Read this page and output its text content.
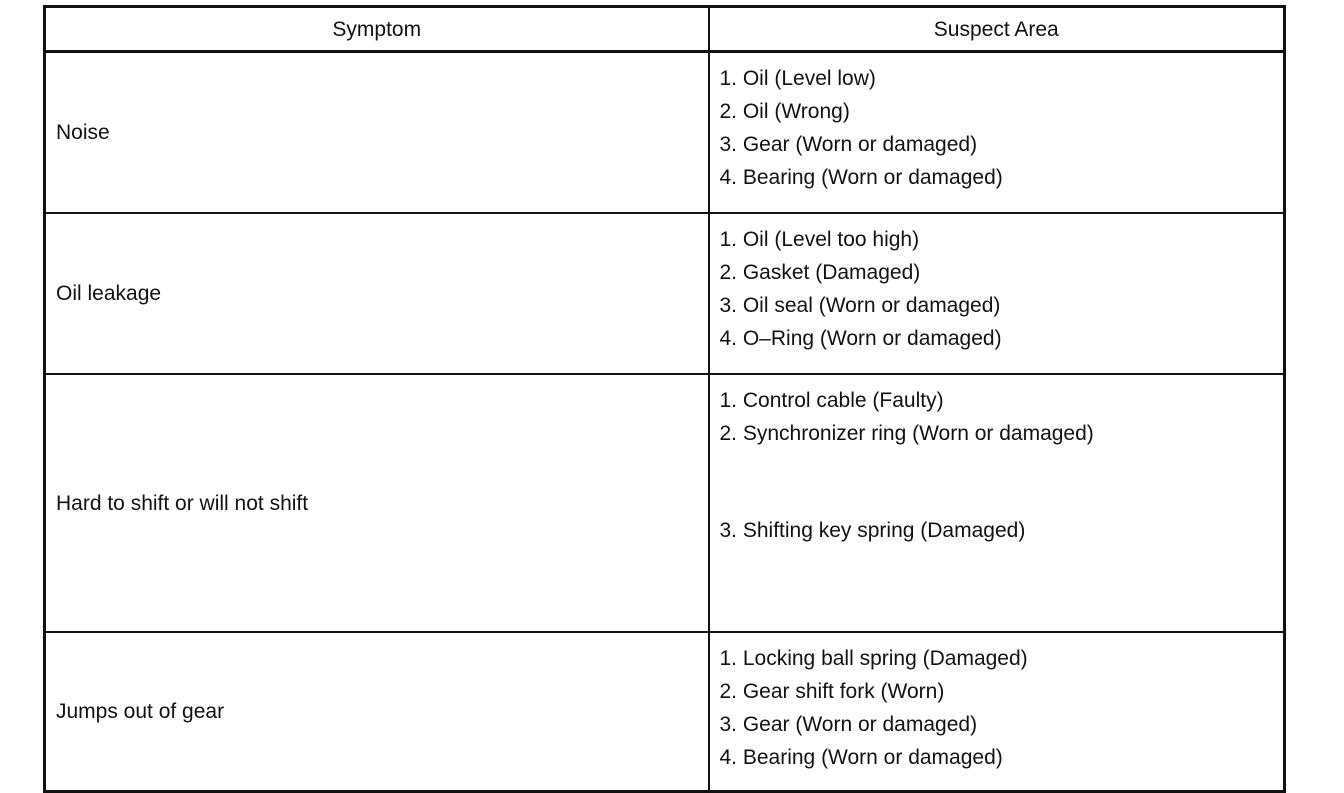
Symptom	Suspect Area
Noise	1. Oil (Level low)
2. Oil (Wrong)
3. Gear (Worn or damaged)
4. Bearing (Worn or damaged)

Oil leakage	1. Oil (Level too high)
2. Gasket (Damaged)
3. Oil seal (Worn or damaged)
4. O–Ring (Worn or damaged)

Hard to shift or will not shift	1. Control cable (Faulty)
2. Synchronizer ring (Worn or damaged)
3. Shifting key spring (Damaged)

Jumps out of gear	1. Locking ball spring (Damaged)
2. Gear shift fork (Worn)
3. Gear (Worn or damaged)
4. Bearing (Worn or damaged)
